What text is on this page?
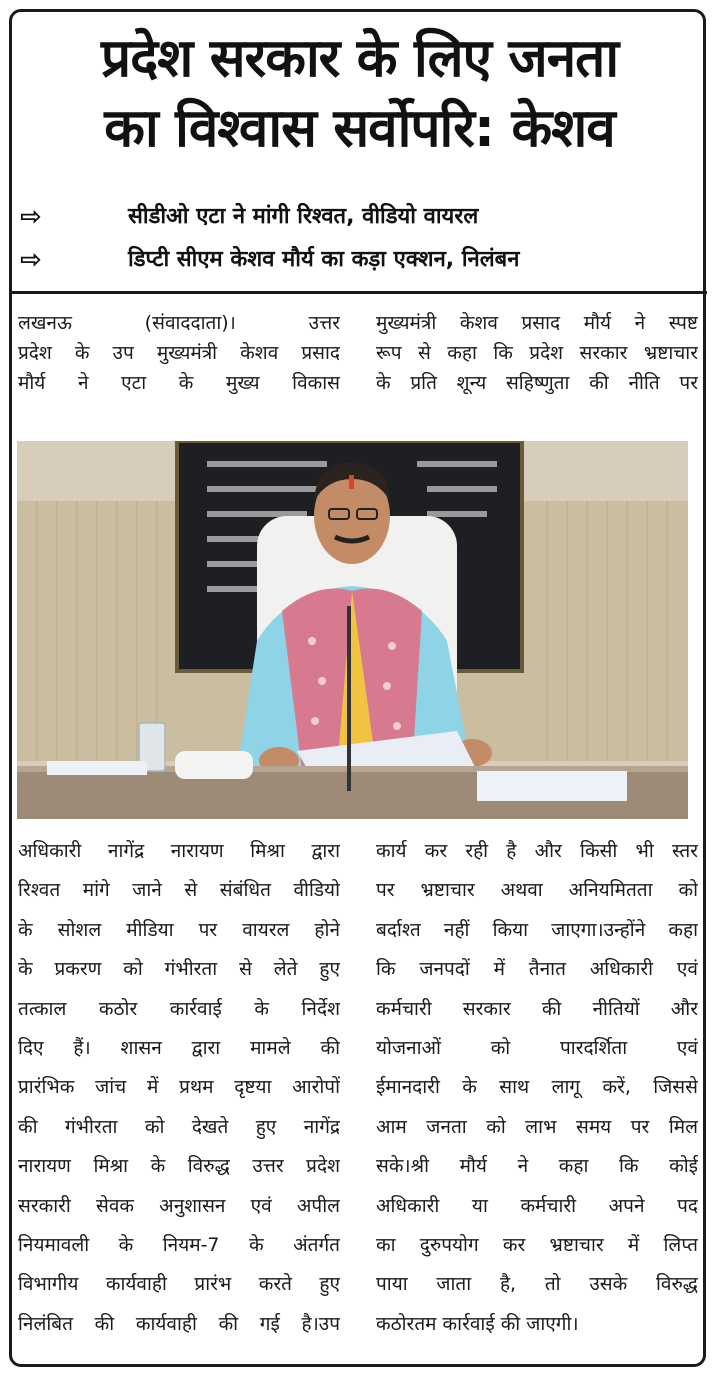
प्रदेश सरकार के लिए जनता
का विश्वास सर्वोपरि: केशव
⇨	सीडीओ एटा ने मांगी रिश्वत, वीडियो वायरल
⇨	डिप्टी सीएम केशव मौर्य का कड़ा एक्शन, निलंबन
लखनऊ (संवाददाता)। उत्तर
प्रदेश के उप मुख्यमंत्री केशव प्रसाद
मौर्य ने एटा के मुख्य विकास
मुख्यमंत्री केशव प्रसाद मौर्य ने स्पष्ट
रूप से कहा कि प्रदेश सरकार भ्रष्टाचार
के प्रति शून्य सहिष्णुता की नीति पर
अधिकारी नागेंद्र नारायण मिश्रा द्वारा
रिश्वत मांगे जाने से संबंधित वीडियो
के सोशल मीडिया पर वायरल होने
के प्रकरण को गंभीरता से लेते हुए
तत्काल कठोर कार्रवाई के निर्देश
दिए हैं। शासन द्वारा मामले की
प्रारंभिक जांच में प्रथम दृष्टया आरोपों
की गंभीरता को देखते हुए नागेंद्र
नारायण मिश्रा के विरुद्ध उत्तर प्रदेश
सरकारी सेवक अनुशासन एवं अपील
नियमावली के नियम-7 के अंतर्गत
विभागीय कार्यवाही प्रारंभ करते हुए
निलंबित की कार्यवाही की गई है।उप
कार्य कर रही है और किसी भी स्तर
पर भ्रष्टाचार अथवा अनियमितता को
बर्दाश्त नहीं किया जाएगा।उन्होंने कहा
कि जनपदों में तैनात अधिकारी एवं
कर्मचारी सरकार की नीतियों और
योजनाओं को पारदर्शिता एवं
ईमानदारी के साथ लागू करें, जिससे
आम जनता को लाभ समय पर मिल
सके।श्री मौर्य ने कहा कि कोई
अधिकारी या कर्मचारी अपने पद
का दुरुपयोग कर भ्रष्टाचार में लिप्त
पाया जाता है, तो उसके विरुद्ध
कठोरतम कार्रवाई की जाएगी।
